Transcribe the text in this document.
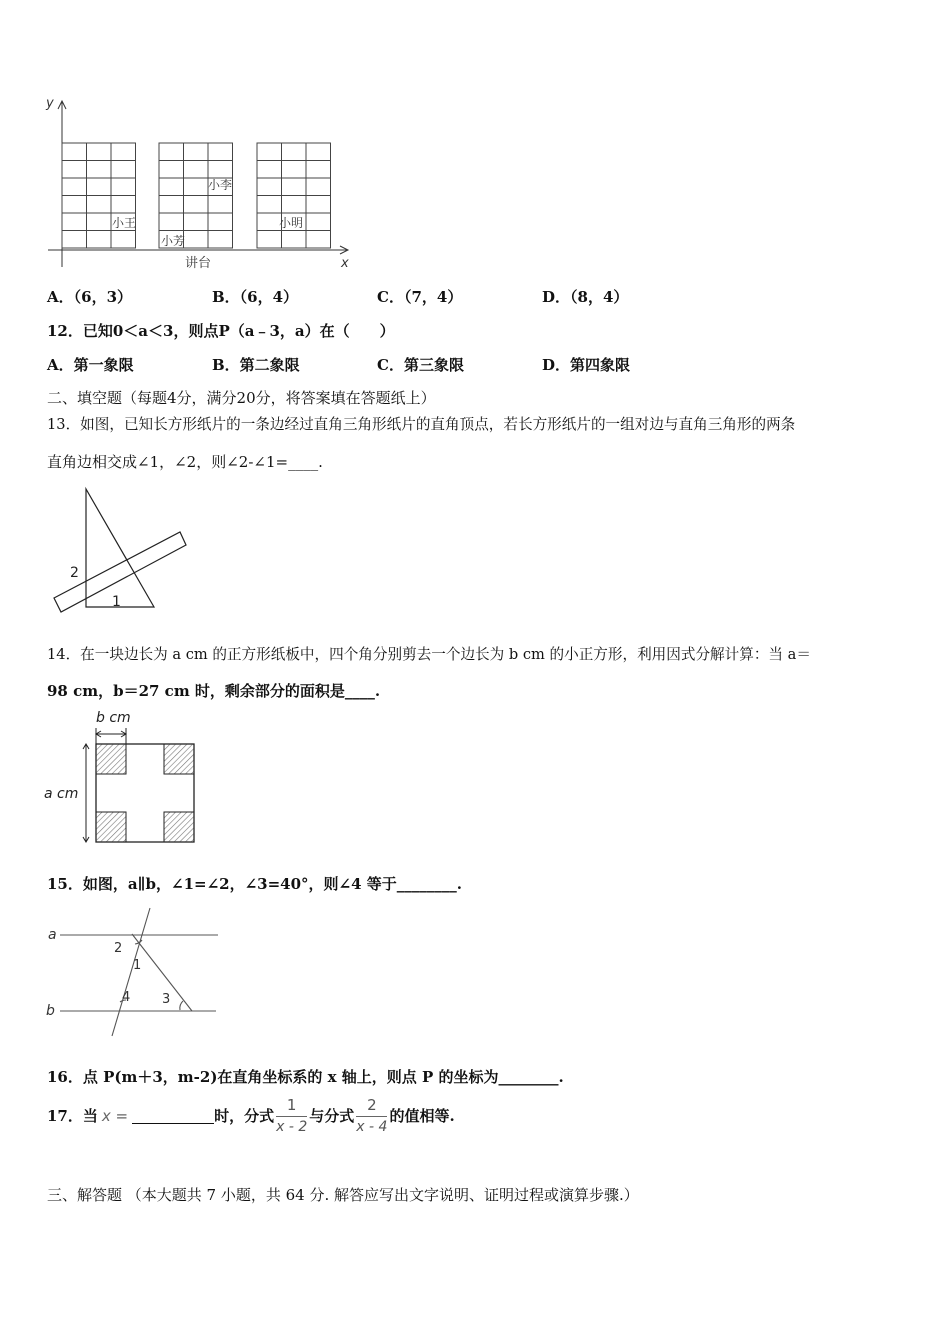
y
x
讲台
小王
小芳
小李
小明
A．（6，3）	B．（6，4）	C．（7，4）	D．（8，4）
12．已知0＜a＜3，则点P（a﹣3，a）在（　　）
A．第一象限	B．第二象限	C．第三象限	D．第四象限
二、填空题（每题4分，满分20分，将答案填在答题纸上）
13．如图，已知长方形纸片的一条边经过直角三角形纸片的直角顶点，若长方形纸片的一组对边与直角三角形的两条
直角边相交成∠1，∠2，则∠2-∠1=____.
1
2
14．在一块边长为 a cm 的正方形纸板中，四个角分别剪去一个边长为 b cm 的小正方形，利用因式分解计算：当 a＝
98 cm，b＝27 cm 时，剩余部分的面积是____.
b cm
a cm
15．如图，a∥b，∠1=∠2，∠3=40°，则∠4 等于________.
a
b
1
2
3
4
16．点 P(m＋3，m-2)在直角坐标系的 x 轴上，则点 P 的坐标为________.
17．当 x =	时，分式 $\frac{1}{x - 2}$ 与分式 $\frac{2}{x - 4}$ 的值相等.
三、解答题 （本大题共 7 小题，共 64 分. 解答应写出文字说明、证明过程或演算步骤.）
